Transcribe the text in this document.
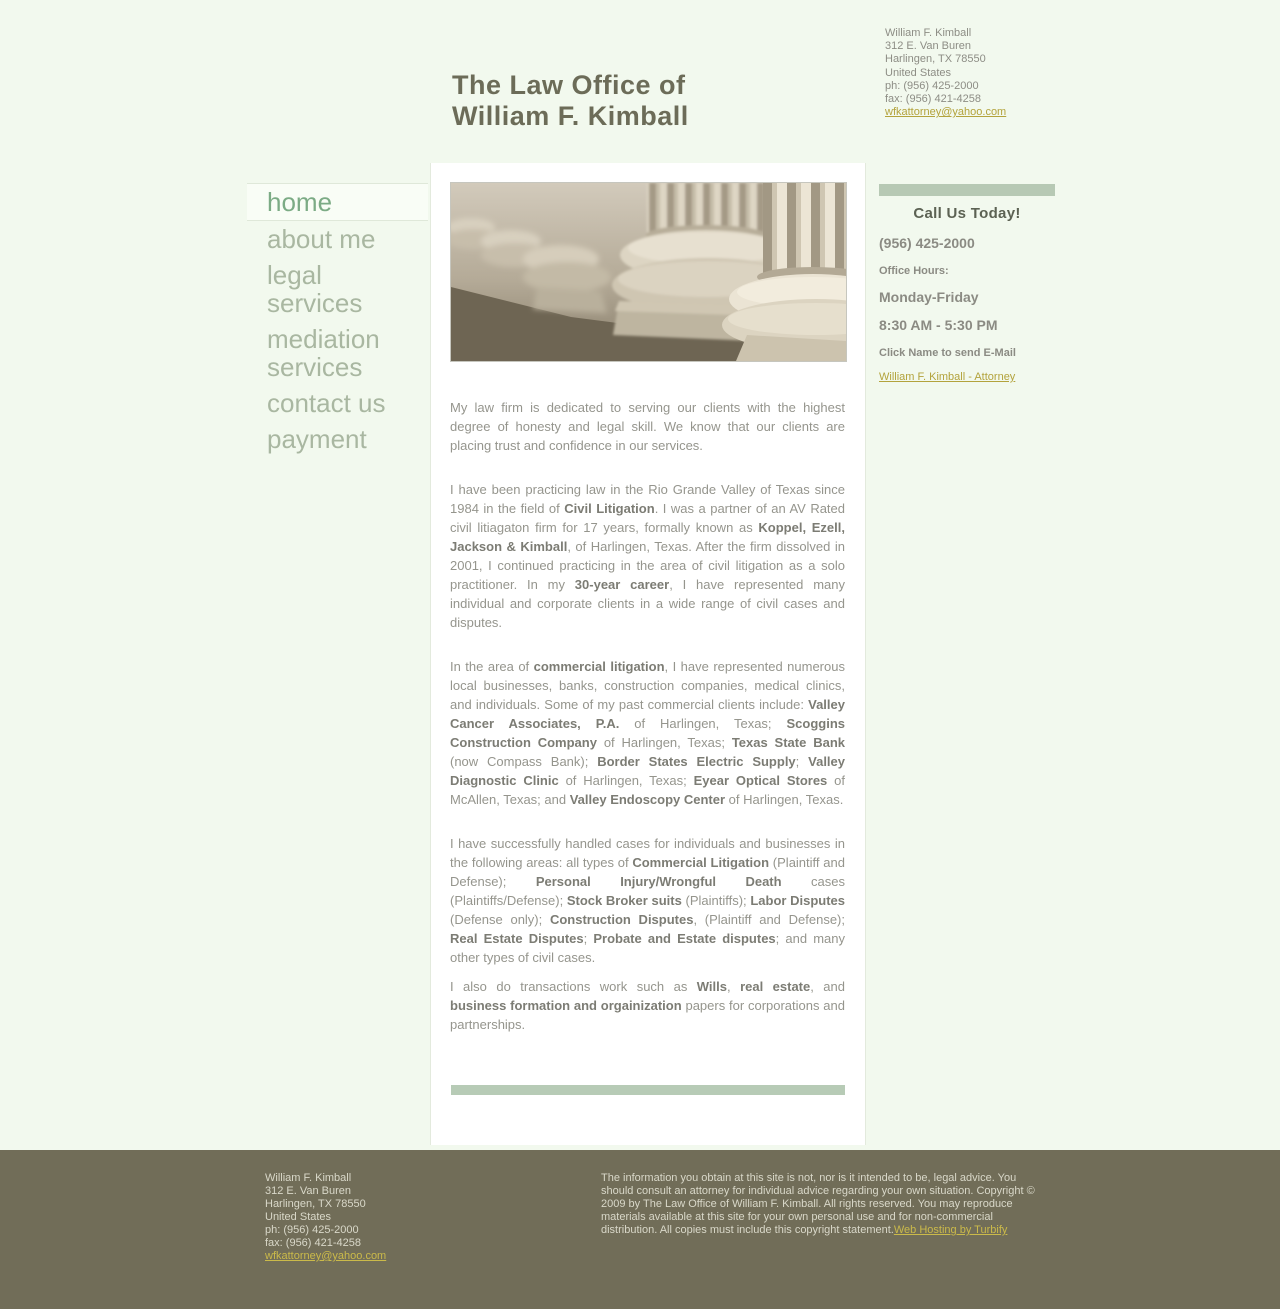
The Law Office of
William F. Kimball
William F. Kimball
312 E. Van Buren
Harlingen, TX 78550
United States
ph: (956) 425-2000
fax: (956) 421-4258
wfkattorney@yahoo.com
home
about me
legal services
mediation services
contact us
payment
My law firm is dedicated to serving our clients with the highest degree of honesty and legal skill. We know that our clients are placing trust and confidence in our services.
I have been practicing law in the Rio Grande Valley of Texas since 1984 in the field of Civil Litigation. I was a partner of an AV Rated civil litiagaton firm for 17 years, formally known as Koppel, Ezell, Jackson & Kimball, of Harlingen, Texas. After the firm dissolved in 2001, I continued practicing in the area of civil litigation as a solo practitioner. In my 30-year career, I have represented many individual and corporate clients in a wide range of civil cases and disputes.
In the area of commercial litigation, I have represented numerous local businesses, banks, construction companies, medical clinics, and individuals. Some of my past commercial clients include: Valley Cancer Associates, P.A. of Harlingen, Texas; Scoggins Construction Company of Harlingen, Texas; Texas State Bank (now Compass Bank); Border States Electric Supply; Valley Diagnostic Clinic of Harlingen, Texas; Eyear Optical Stores of McAllen, Texas; and Valley Endoscopy Center of Harlingen, Texas.
I have successfully handled cases for individuals and businesses in the following areas: all types of Commercial Litigation (Plaintiff and Defense); Personal Injury/Wrongful Death cases (Plaintiffs/Defense); Stock Broker suits (Plaintiffs); Labor Disputes (Defense only); Construction Disputes, (Plaintiff and Defense); Real Estate Disputes; Probate and Estate disputes; and many other types of civil cases.
I also do transactions work such as Wills, real estate, and business formation and orgainization papers for corporations and partnerships.
Call Us Today!
(956) 425-2000
Office Hours:
Monday-Friday
8:30 AM - 5:30 PM
Click Name to send E-Mail
William F. Kimball - Attorney
William F. Kimball
312 E. Van Buren
Harlingen, TX 78550
United States
ph: (956) 425-2000
fax: (956) 421-4258
wfkattorney@yahoo.com
The information you obtain at this site is not, nor is it intended to be, legal advice. You should consult an attorney for individual advice regarding your own situation. Copyright © 2009 by The Law Office of William F. Kimball. All rights reserved. You may reproduce materials available at this site for your own personal use and for non-commercial distribution. All copies must include this copyright statement.Web Hosting by Turbify
